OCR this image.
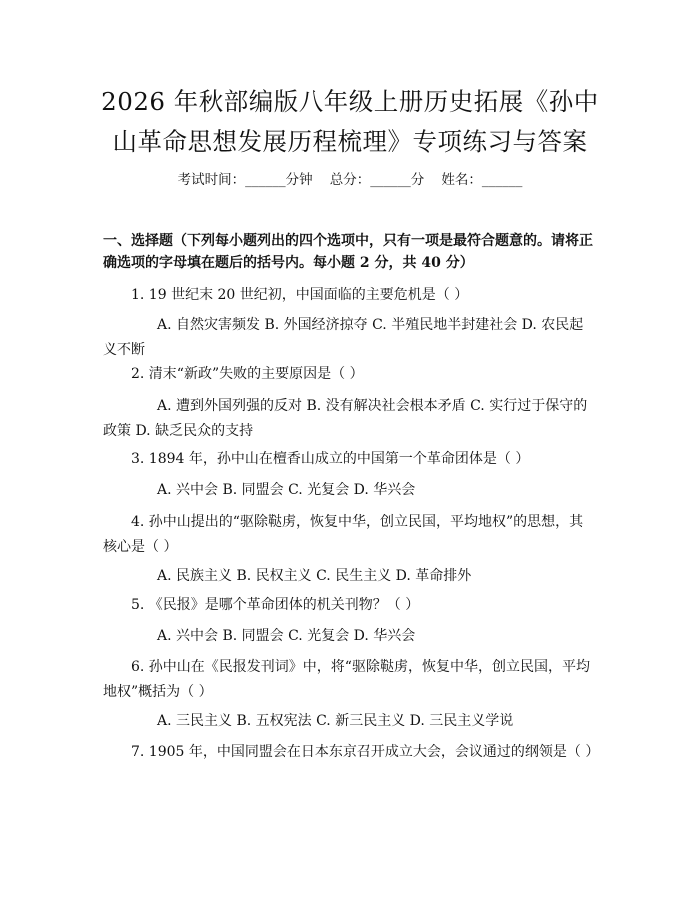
2026 年秋部编版八年级上册历史拓展《孙中
山革命思想发展历程梳理》专项练习与答案
考试时间：______分钟    总分：______分    姓名：______
一、选择题（下列每小题列出的四个选项中，只有一项是最符合题意的。请将正
确选项的字母填在题后的括号内。每小题 2 分，共 40 分）
1. 19 世纪末 20 世纪初，中国面临的主要危机是（ ）
A. 自然灾害频发 B. 外国经济掠夺 C. 半殖民地半封建社会 D. 农民起
义不断
2. 清末“新政”失败的主要原因是（ ）
A. 遭到外国列强的反对 B. 没有解决社会根本矛盾 C. 实行过于保守的
政策 D. 缺乏民众的支持
3. 1894 年，孙中山在檀香山成立的中国第一个革命团体是（ ）
A. 兴中会 B. 同盟会 C. 光复会 D. 华兴会
4. 孙中山提出的“驱除鞑虏，恢复中华，创立民国，平均地权”的思想，其
核心是（ ）
A. 民族主义 B. 民权主义 C. 民生主义 D. 革命排外
5. 《民报》是哪个革命团体的机关刊物？（ ）
A. 兴中会 B. 同盟会 C. 光复会 D. 华兴会
6. 孙中山在《民报发刊词》中，将“驱除鞑虏，恢复中华，创立民国，平均
地权”概括为（ ）
A. 三民主义 B. 五权宪法 C. 新三民主义 D. 三民主义学说
7. 1905 年，中国同盟会在日本东京召开成立大会，会议通过的纲领是（ ）
